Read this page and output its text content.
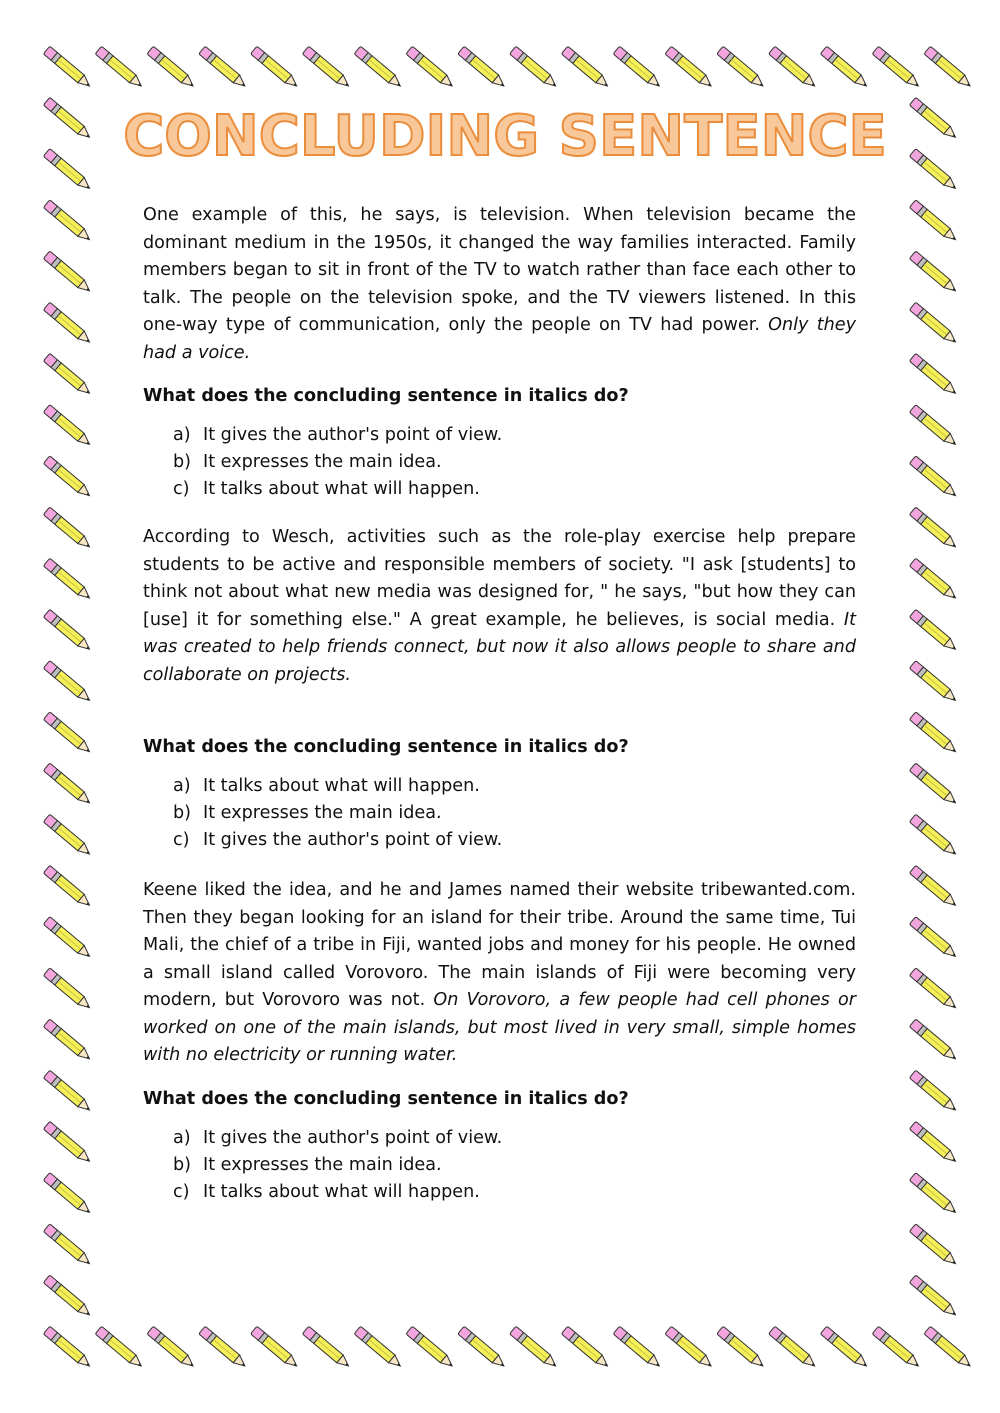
CONCLUDING SENTENCE

One example of this, he says, is television. When television became the dominant medium in the 1950s, it changed the way families interacted. Family members began to sit in front of the TV to watch rather than face each other to talk. The people on the television spoke, and the TV viewers listened. In this one-way type of communication, only the people on TV had power. Only they had a voice.

What does the concluding sentence in italics do?

a) It gives the author's point of view.
b) It expresses the main idea.
c) It talks about what will happen.

According to Wesch, activities such as the role-play exercise help prepare students to be active and responsible members of society. "I ask [students] to think not about what new media was designed for, " he says, "but how they can [use] it for something else." A great example, he believes, is social media. It was created to help friends connect, but now it also allows people to share and collaborate on projects.

What does the concluding sentence in italics do?

a) It talks about what will happen.
b) It expresses the main idea.
c) It gives the author's point of view.

Keene liked the idea, and he and James named their website tribewanted.com. Then they began looking for an island for their tribe. Around the same time, Tui Mali, the chief of a tribe in Fiji, wanted jobs and money for his people. He owned a small island called Vorovoro. The main islands of Fiji were becoming very modern, but Vorovoro was not. On Vorovoro, a few people had cell phones or worked on one of the main islands, but most lived in very small, simple homes with no electricity or running water.

What does the concluding sentence in italics do?

a) It gives the author's point of view.
b) It expresses the main idea.
c) It talks about what will happen.
